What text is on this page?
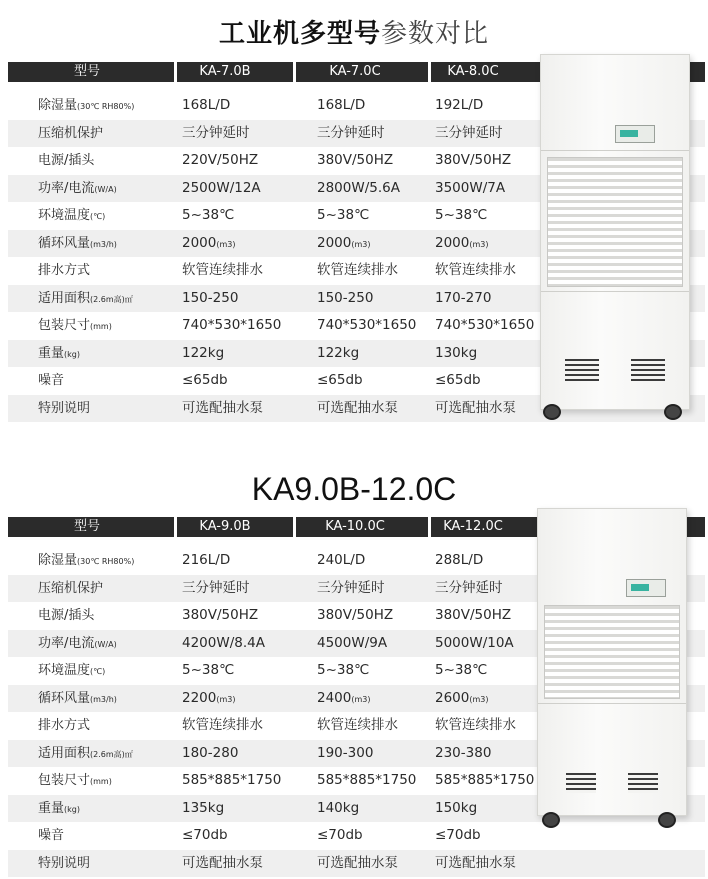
工业机多型号参数对比
型号	KA-7.0B	KA-7.0C	KA-8.0C
除湿量(30℃ RH80%)	168L/D	168L/D	192L/D
压缩机保护	三分钟延时	三分钟延时	三分钟延时
电源/插头	220V/50HZ	380V/50HZ	380V/50HZ
功率/电流(W/A)	2500W/12A	2800W/5.6A	3500W/7A
环境温度(℃)	5~38℃	5~38℃	5~38℃
循环风量(m3/h)	2000(m3)	2000(m3)	2000(m3)
排水方式	软管连续排水	软管连续排水	软管连续排水
适用面积(2.6m高)㎡	150-250	150-250	170-270
包装尺寸(mm)	740*530*1650	740*530*1650 740*530*1650
重量(kg)	122kg	122kg	130kg
噪音	≤65db	≤65db	≤65db
特别说明	可选配抽水泵	可选配抽水泵	可选配抽水泵
KA9.0B-12.0C
型号	KA-9.0B	KA-10.0C	KA-12.0C
除湿量(30℃ RH80%)	216L/D	240L/D	288L/D
压缩机保护	三分钟延时	三分钟延时	三分钟延时
电源/插头	380V/50HZ	380V/50HZ	380V/50HZ
功率/电流(W/A)	4200W/8.4A	4500W/9A	5000W/10A
环境温度(℃)	5~38℃	5~38℃	5~38℃
循环风量(m3/h)	2200(m3)	2400(m3)	2600(m3)
排水方式	软管连续排水	软管连续排水	软管连续排水
适用面积(2.6m高)㎡	180-280	190-300	230-380
包装尺寸(mm)	585*885*1750	585*885*1750 585*885*1750
重量(kg)	135kg	140kg	150kg
噪音	≤70db	≤70db	≤70db
特别说明	可选配抽水泵	可选配抽水泵	可选配抽水泵
